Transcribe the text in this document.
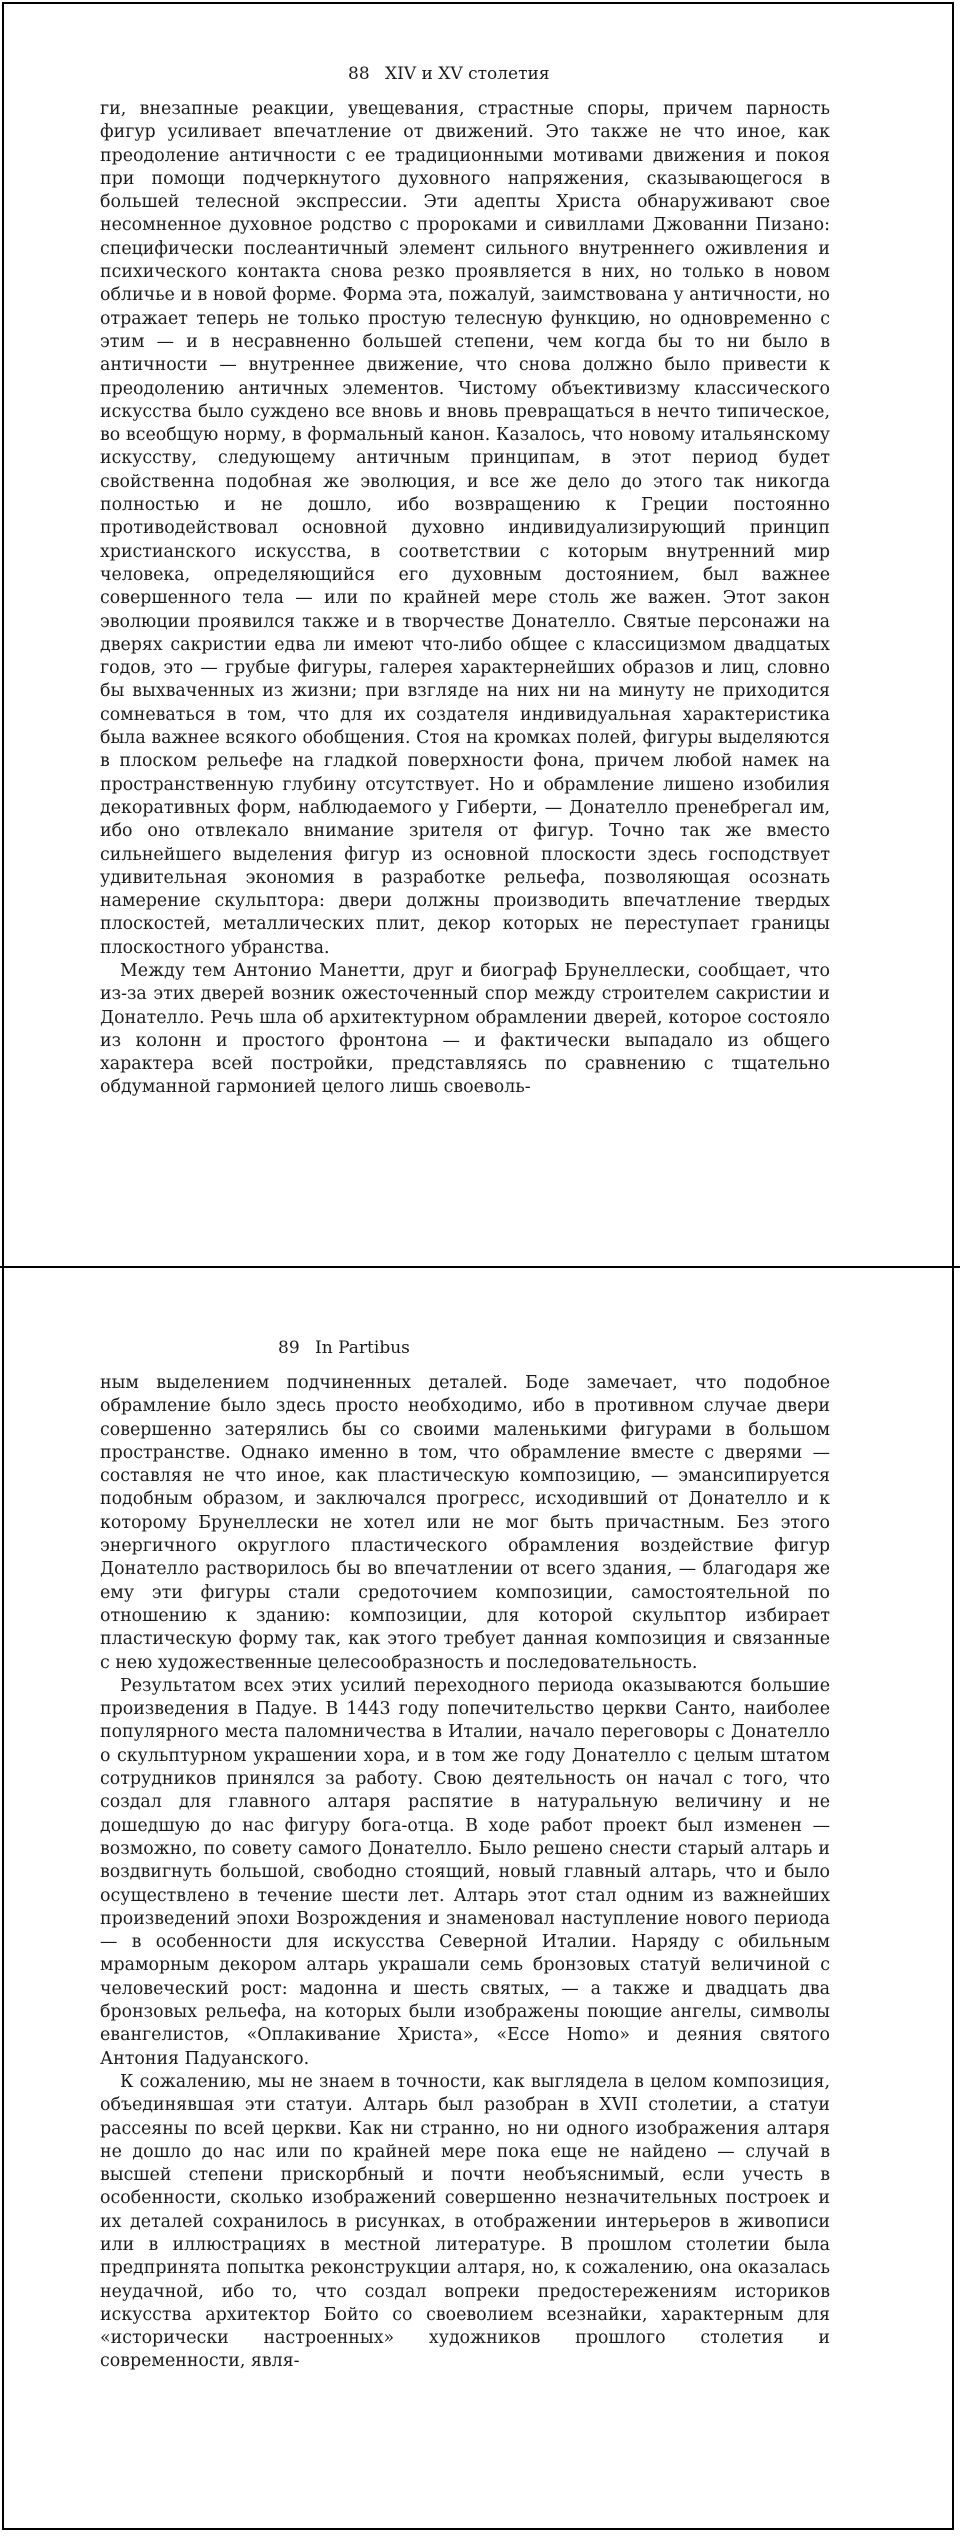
88 XIV и XV столетия

ги, внезапные реакции, увещевания, страстные споры, причем парность фигур усиливает впечатление от движений. Это также не что иное, как преодоление античности с ее традиционными мотивами движения и покоя при помощи подчеркнутого духовного напряжения, сказывающегося в большей телесной экспрессии. Эти адепты Христа обнаруживают свое несомненное духовное родство с пророками и сивиллами Джованни Пизано: специфически послеантичный элемент сильного внутреннего оживления и психического контакта снова резко проявляется в них, но только в новом обличье и в новой форме. Форма эта, пожалуй, заимствована у античности, но отражает теперь не только простую телесную функцию, но одновременно с этим — и в несравненно большей степени, чем когда бы то ни было в античности — внутреннее движение, что снова должно было привести к преодолению античных элементов. Чистому объективизму классического искусства было суждено все вновь и вновь превращаться в нечто типическое, во всеобщую норму, в формальный канон. Казалось, что новому итальянскому искусству, следующему античным принципам, в этот период будет свойственна подобная же эволюция, и все же дело до этого так никогда полностью и не дошло, ибо возвращению к Греции постоянно противодействовал основной духовно индивидуализирующий принцип христианского искусства, в соответствии с которым внутренний мир человека, определяющийся его духовным достоянием, был важнее совершенного тела — или по крайней мере столь же важен. Этот закон эволюции проявился также и в творчестве Донателло. Святые персонажи на дверях сакристии едва ли имеют что-либо общее с классицизмом двадцатых годов, это — грубые фигуры, галерея характернейших образов и лиц, словно бы выхваченных из жизни; при взгляде на них ни на минуту не приходится сомневаться в том, что для их создателя индивидуальная характеристика была важнее всякого обобщения. Стоя на кромках полей, фигуры выделяются в плоском рельефе на гладкой поверхности фона, причем любой намек на пространственную глубину отсутствует. Но и обрамление лишено изобилия декоративных форм, наблюдаемого у Гиберти, — Донателло пренебрегал им, ибо оно отвлекало внимание зрителя от фигур. Точно так же вместо сильнейшего выделения фигур из основной плоскости здесь господствует удивительная экономия в разработке рельефа, позволяющая осознать намерение скульптора: двери должны производить впечатление твердых плоскостей, металлических плит, декор которых не переступает границы плоскостного убранства.

Между тем Антонио Манетти, друг и биограф Брунеллески, сообщает, что из-за этих дверей возник ожесточенный спор между строителем сакристии и Донателло. Речь шла об архитектурном обрамлении дверей, которое состояло из колонн и простого фронтона — и фактически выпадало из общего характера всей постройки, представляясь по сравнению с тщательно обдуманной гармонией целого лишь своеволь-

89 In Partibus

ным выделением подчиненных деталей. Боде замечает, что подобное обрамление было здесь просто необходимо, ибо в противном случае двери совершенно затерялись бы со своими маленькими фигурами в большом пространстве. Однако именно в том, что обрамление вместе с дверями — составляя не что иное, как пластическую композицию, — эмансипируется подобным образом, и заключался прогресс, исходивший от Донателло и к которому Брунеллески не хотел или не мог быть причастным. Без этого энергичного округлого пластического обрамления воздействие фигур Донателло растворилось бы во впечатлении от всего здания, — благодаря же ему эти фигуры стали средоточием композиции, самостоятельной по отношению к зданию: композиции, для которой скульптор избирает пластическую форму так, как этого требует данная композиция и связанные с нею художественные целесообразность и последовательность.

Результатом всех этих усилий переходного периода оказываются большие произведения в Падуе. В 1443 году попечительство церкви Санто, наиболее популярного места паломничества в Италии, начало переговоры с Донателло о скульптурном украшении хора, и в том же году Донателло с целым штатом сотрудников принялся за работу. Свою деятельность он начал с того, что создал для главного алтаря распятие в натуральную величину и не дошедшую до нас фигуру бога-отца. В ходе работ проект был изменен — возможно, по совету самого Донателло. Было решено снести старый алтарь и воздвигнуть большой, свободно стоящий, новый главный алтарь, что и было осуществлено в течение шести лет. Алтарь этот стал одним из важнейших произведений эпохи Возрождения и знаменовал наступление нового периода — в особенности для искусства Северной Италии. Наряду с обильным мраморным декором алтарь украшали семь бронзовых статуй величиной с человеческий рост: мадонна и шесть святых, — а также и двадцать два бронзовых рельефа, на которых были изображены поющие ангелы, символы евангелистов, «Оплакивание Христа», «Ecce Homo» и деяния святого Антония Падуанского.

К сожалению, мы не знаем в точности, как выглядела в целом композиция, объединявшая эти статуи. Алтарь был разобран в XVII столетии, а статуи рассеяны по всей церкви. Как ни странно, но ни одного изображения алтаря не дошло до нас или по крайней мере пока еще не найдено — случай в высшей степени прискорбный и почти необъяснимый, если учесть в особенности, сколько изображений совершенно незначительных построек и их деталей сохранилось в рисунках, в отображении интерьеров в живописи или в иллюстрациях в местной литературе. В прошлом столетии была предпринята попытка реконструкции алтаря, но, к сожалению, она оказалась неудачной, ибо то, что создал вопреки предостережениям историков искусства архитектор Бойто со своеволием всезнайки, характерным для «исторически настроенных» художников прошлого столетия и современности, явля-
